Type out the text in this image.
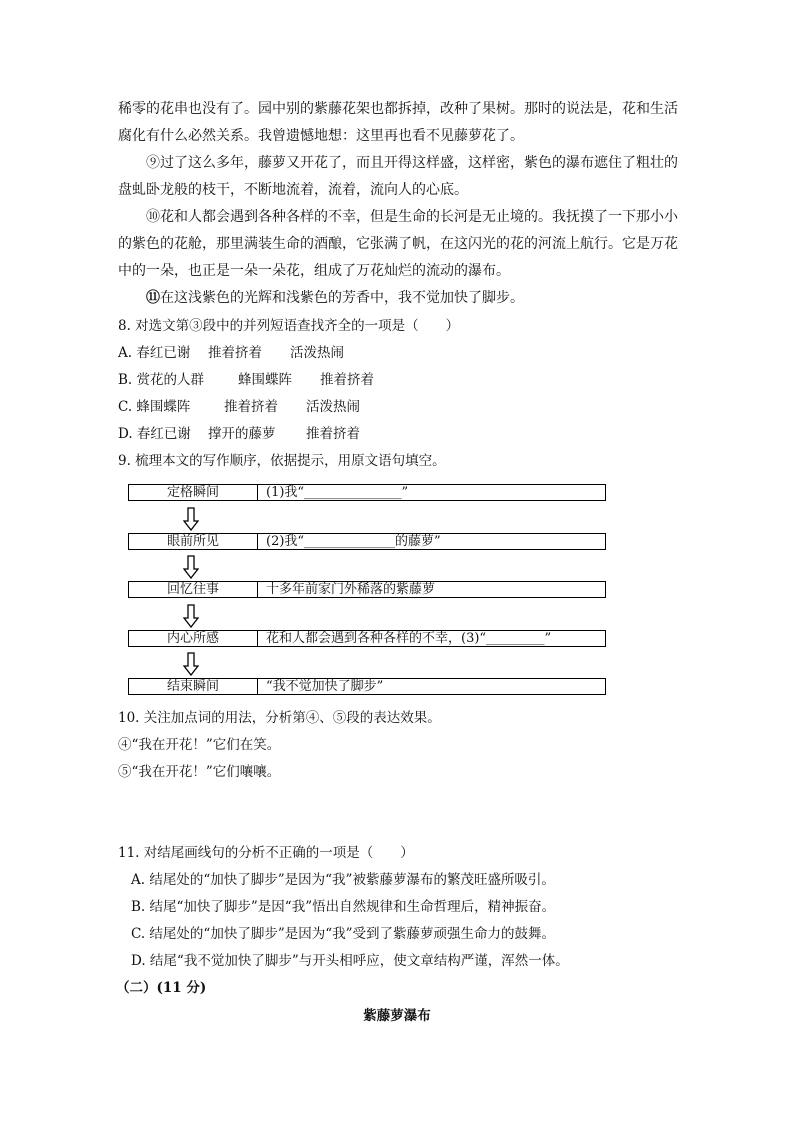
稀零的花串也没有了。园中别的紫藤花架也都拆掉，改种了果树。那时的说法是，花和生活腐化有什么必然关系。我曾遗憾地想：这里再也看不见藤萝花了。

⑨过了这么多年，藤萝又开花了，而且开得这样盛，这样密，紫色的瀑布遮住了粗壮的盘虬卧龙般的枝干，不断地流着，流着，流向人的心底。

⑩花和人都会遇到各种各样的不幸，但是生命的长河是无止境的。我抚摸了一下那小小的紫色的花舱，那里满装生命的酒酿，它张满了帆，在这闪光的花的河流上航行。它是万花中的一朵，也正是一朵一朵花，组成了万花灿烂的流动的瀑布。

⑪在这浅紫色的光辉和浅紫色的芳香中，我不觉加快了脚步。

8. 对选文第③段中的并列短语查找齐全的一项是（　　）
A. 春红已谢 推着挤着 活泼热闹
B. 赏花的人群	蜂围蝶阵 推着挤着
C. 蜂围蝶阵 推着挤着 活泼热闹
D. 春红已谢 撑开的藤萝 推着挤着
9. 梳理本文的写作顺序，依据提示，用原文语句填空。
定格瞬间	(1)我“_______________”
眼前所见	(2)我“______________的藤萝”
回忆往事	十多年前家门外稀落的紫藤萝
内心所感	花和人都会遇到各种各样的不幸，(3)“_________”
结束瞬间	“我不觉加快了脚步”
10. 关注加点词的用法，分析第④、⑤段的表达效果。
④“我在开花！”它们在笑。
⑤“我在开花！”它们嚷嚷。
11. 对结尾画线句的分析不正确的一项是（　　）
A. 结尾处的“加快了脚步”是因为“我”被紫藤萝瀑布的繁茂旺盛所吸引。
B. 结尾“加快了脚步”是因“我”悟出自然规律和生命哲理后，精神振奋。
C. 结尾处的“加快了脚步”是因为“我”受到了紫藤萝顽强生命力的鼓舞。
D. 结尾“我不觉加快了脚步”与开头相呼应，使文章结构严谨，浑然一体。
（二）(11 分)
紫藤萝瀑布
